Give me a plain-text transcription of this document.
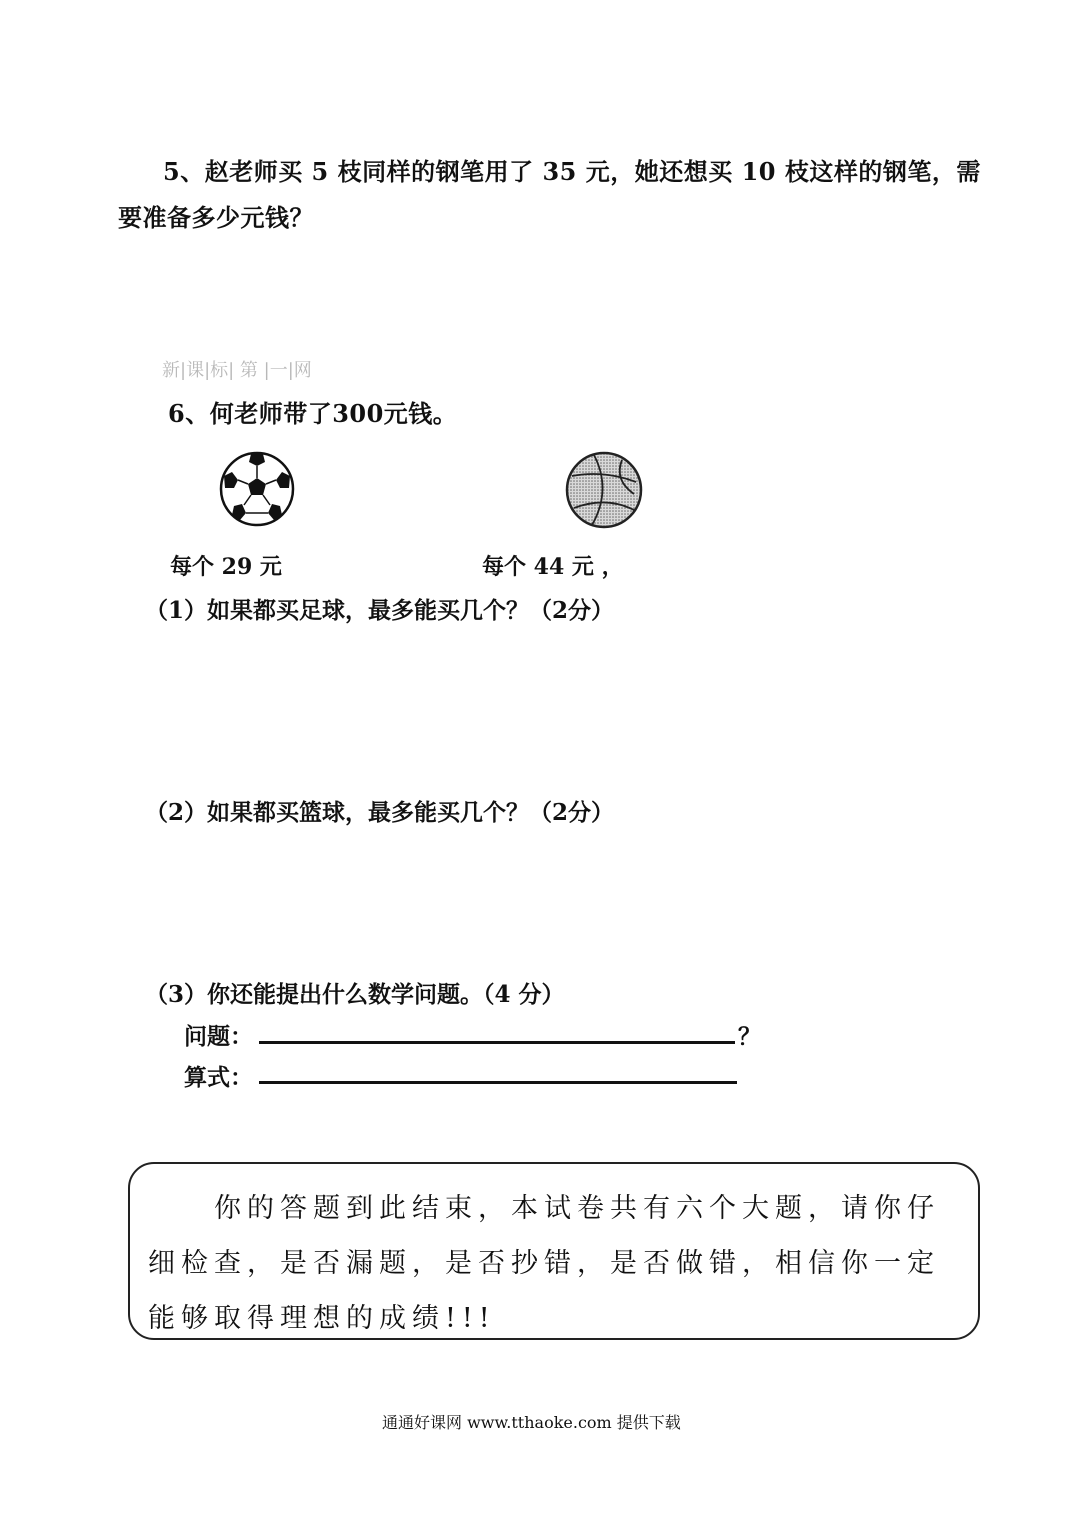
5、赵老师买 5 枝同样的钢笔用了 35 元，她还想买 10 枝这样的钢笔，需
要准备多少元钱？
新|课|标| 第 |一|网
6、何老师带了300元钱。
每个 29 元	每个 44 元 ，
（1）如果都买足球，最多能买几个？（2分）
（2）如果都买篮球，最多能买几个？（2分）
（3）你还能提出什么数学问题。（4 分）
问题：	？
算式：
你的答题到此结束，本试卷共有六个大题，请你仔
细检查，是否漏题，是否抄错，是否做错，相信你一定
能够取得理想的成绩!!!
通通好课网 www.tthaoke.com 提供下载
